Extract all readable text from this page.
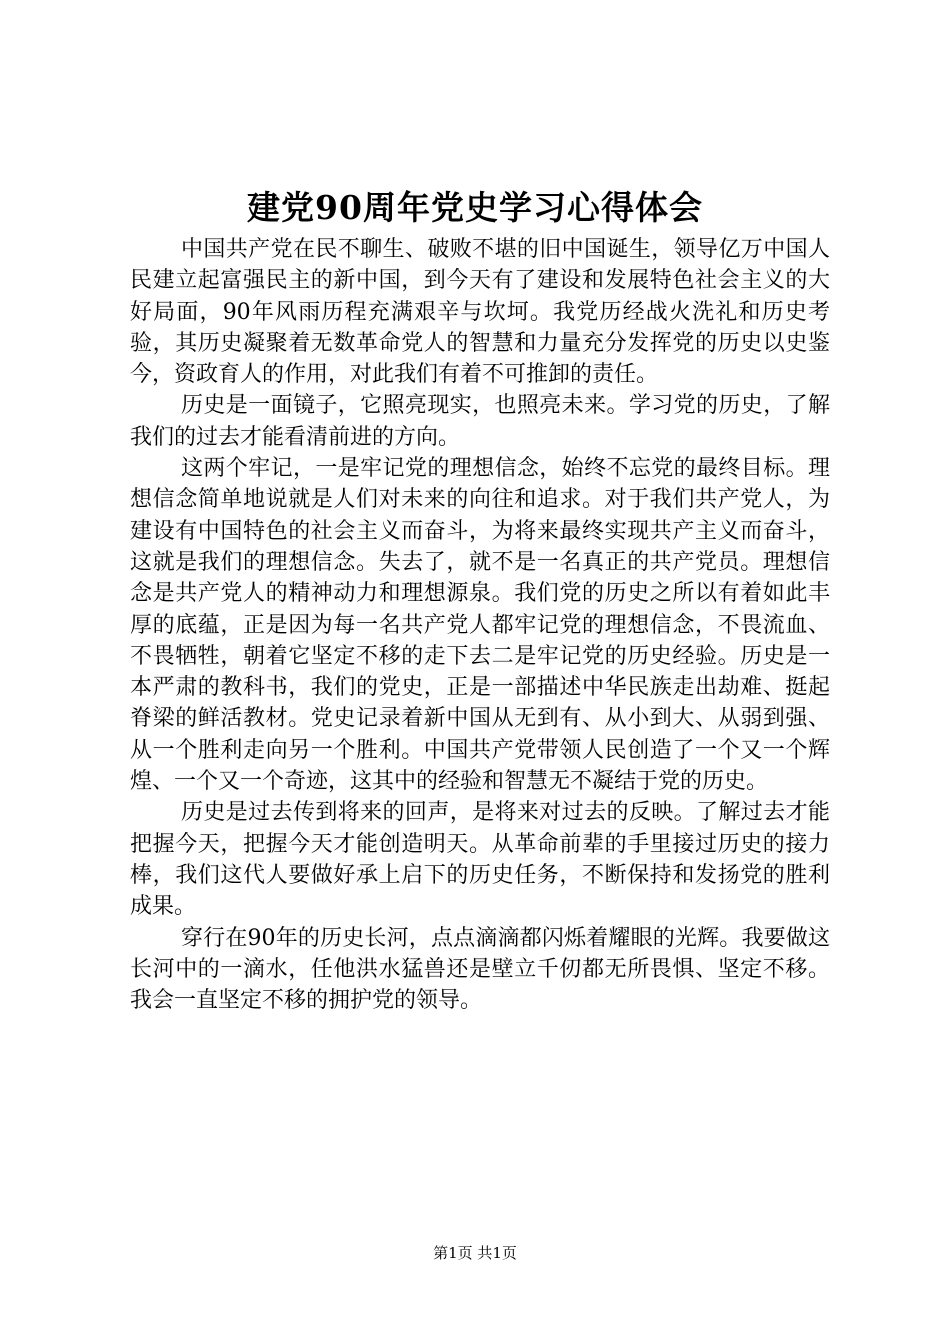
建党90周年党史学习心得体会

中国共产党在民不聊生、破败不堪的旧中国诞生，领导亿万中国人民建立起富强民主的新中国，到今天有了建设和发展特色社会主义的大好局面，90年风雨历程充满艰辛与坎坷。我党历经战火洗礼和历史考验，其历史凝聚着无数革命党人的智慧和力量充分发挥党的历史以史鉴今，资政育人的作用，对此我们有着不可推卸的责任。

历史是一面镜子，它照亮现实，也照亮未来。学习党的历史，了解我们的过去才能看清前进的方向。

这两个牢记，一是牢记党的理想信念，始终不忘党的最终目标。理想信念简单地说就是人们对未来的向往和追求。对于我们共产党人，为建设有中国特色的社会主义而奋斗，为将来最终实现共产主义而奋斗，这就是我们的理想信念。失去了，就不是一名真正的共产党员。理想信念是共产党人的精神动力和理想源泉。我们党的历史之所以有着如此丰厚的底蕴，正是因为每一名共产党人都牢记党的理想信念，不畏流血、不畏牺牲，朝着它坚定不移的走下去二是牢记党的历史经验。历史是一本严肃的教科书，我们的党史，正是一部描述中华民族走出劫难、挺起脊梁的鲜活教材。党史记录着新中国从无到有、从小到大、从弱到强、从一个胜利走向另一个胜利。中国共产党带领人民创造了一个又一个辉煌、一个又一个奇迹，这其中的经验和智慧无不凝结于党的历史。

历史是过去传到将来的回声，是将来对过去的反映。了解过去才能把握今天，把握今天才能创造明天。从革命前辈的手里接过历史的接力棒，我们这代人要做好承上启下的历史任务，不断保持和发扬党的胜利成果。

穿行在90年的历史长河，点点滴滴都闪烁着耀眼的光辉。我要做这长河中的一滴水，任他洪水猛兽还是壁立千仞都无所畏惧、坚定不移。我会一直坚定不移的拥护党的领导。

第1页 共1页
